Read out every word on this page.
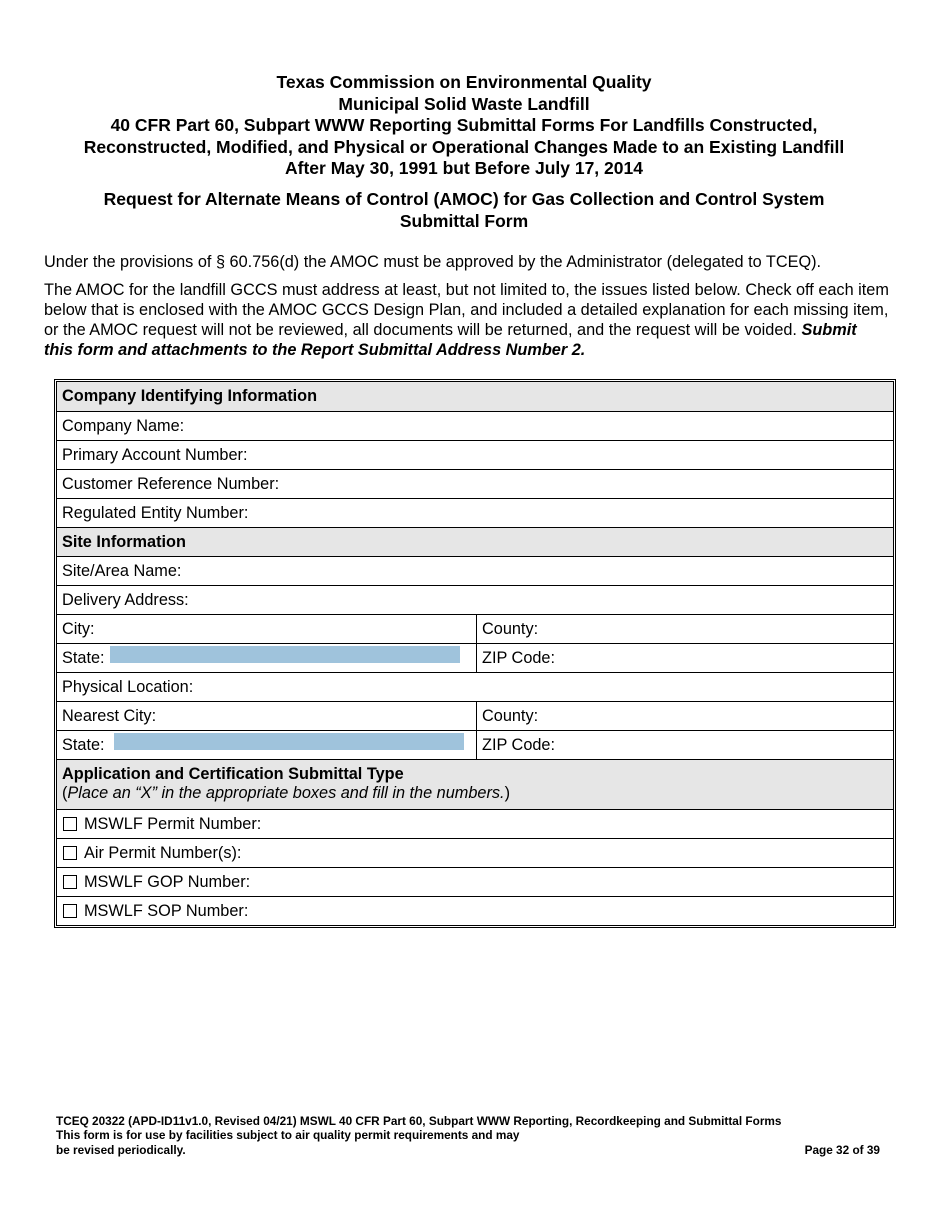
Texas Commission on Environmental Quality
Municipal Solid Waste Landfill
40 CFR Part 60, Subpart WWW Reporting Submittal Forms For Landfills Constructed,
Reconstructed, Modified, and Physical or Operational Changes Made to an Existing Landfill
After May 30, 1991 but Before July 17, 2014
Request for Alternate Means of Control (AMOC) for Gas Collection and Control System
Submittal Form
Under the provisions of § 60.756(d) the AMOC must be approved by the Administrator (delegated to TCEQ).
The AMOC for the landfill GCCS must address at least, but not limited to, the issues listed below. Check off each item below that is enclosed with the AMOC GCCS Design Plan, and included a detailed explanation for each missing item, or the AMOC request will not be reviewed, all documents will be returned, and the request will be voided. Submit this form and attachments to the Report Submittal Address Number 2.
Company Identifying Information
Company Name:
Primary Account Number:
Customer Reference Number:
Regulated Entity Number:
Site Information
Site/Area Name:
Delivery Address:
City:	County:
State:	ZIP Code:
Physical Location:
Nearest City:	County:
State:	ZIP Code:
Application and Certification Submittal Type
(Place an “X” in the appropriate boxes and fill in the numbers.)
MSWLF Permit Number:
Air Permit Number(s):
MSWLF GOP Number:
MSWLF SOP Number:
TCEQ 20322 (APD-ID11v1.0, Revised 04/21) MSWL 40 CFR Part 60, Subpart WWW Reporting, Recordkeeping and Submittal Forms
This form is for use by facilities subject to air quality permit requirements and may
be revised periodically.	Page 32 of 39
